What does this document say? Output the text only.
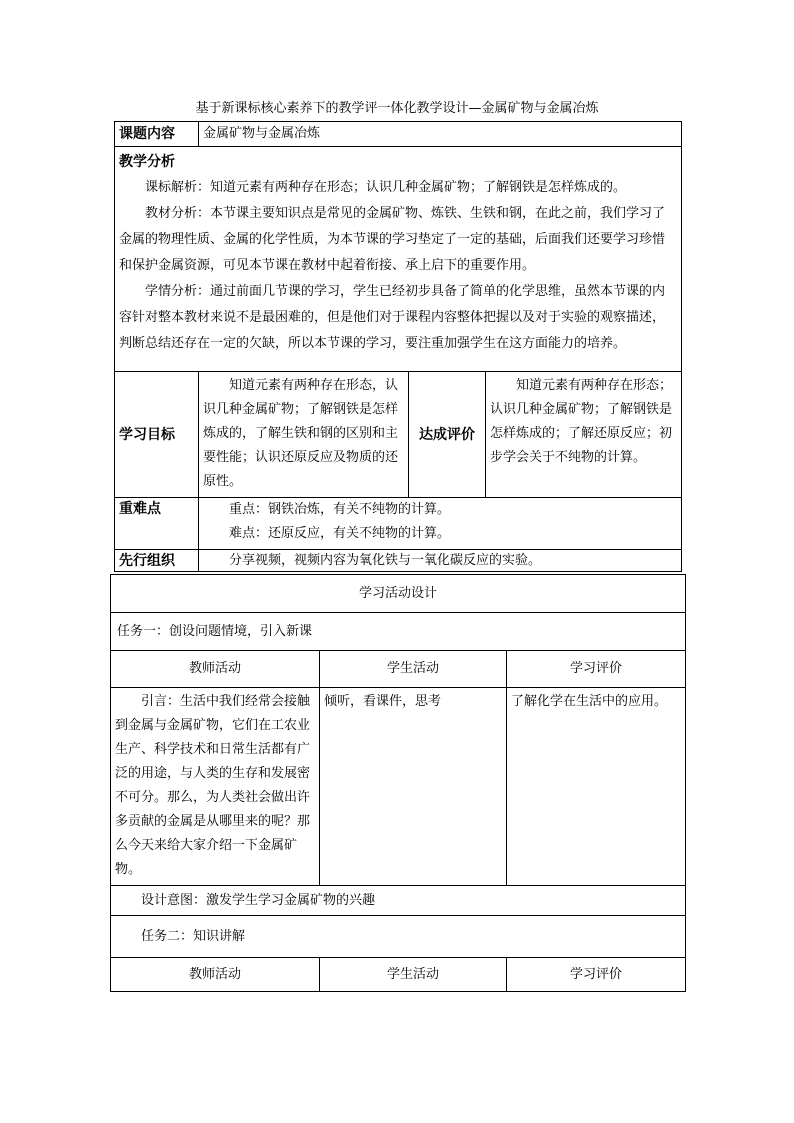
基于新课标核心素养下的教学评一体化教学设计—金属矿物与金属冶炼
课题内容	金属矿物与金属冶炼		

教学分析

课标解析：知道元素有两种存在形态；认识几种金属矿物；了解钢铁是怎样炼成的。

教材分析：本节课主要知识点是常见的金属矿物、炼铁、生铁和钢，在此之前，我们学习了金属的物理性质、金属的化学性质，为本节课的学习垫定了一定的基础，后面我们还要学习珍惜和保护金属资源，可见本节课在教材中起着衔接、承上启下的重要作用。

学情分析：通过前面几节课的学习，学生已经初步具备了简单的化学思维，虽然本节课的内容针对整本教材来说不是最困难的，但是他们对于课程内容整体把握以及对于实验的观察描述，判断总结还存在一定的欠缺，所以本节课的学习，要注重加强学生在这方面能力的培养。			

学习目标	知道元素有两种存在形态，认识几种金属矿物；了解钢铁是怎样炼成的，了解生铁和钢的区别和主要性能；认识还原反应及物质的还原性。	达成评价	知道元素有两种存在形态；认识几种金属矿物；了解钢铁是怎样炼成的；了解还原反应；初步学会关于不纯物的计算。
重难点	重点：钢铁冶炼，有关不纯物的计算。

难点：还原反应，有关不纯物的计算。		

先行组织	分享视频，视频内容为氧化铁与一氧化碳反应的实验。		
学习活动设计		
任务一：创设问题情境，引入新课		
教师活动	学生活动	学习评价
引言：生活中我们经常会接触到金属与金属矿物，它们在工农业生产、科学技术和日常生活都有广泛的用途，与人类的生存和发展密不可分。那么，为人类社会做出许多贡献的金属是从哪里来的呢？那么今天来给大家介绍一下金属矿物。	倾听，看课件，思考	了解化学在生活中的应用。
设计意图：激发学生学习金属矿物的兴趣		
任务二：知识讲解		
教师活动	学生活动	学习评价
